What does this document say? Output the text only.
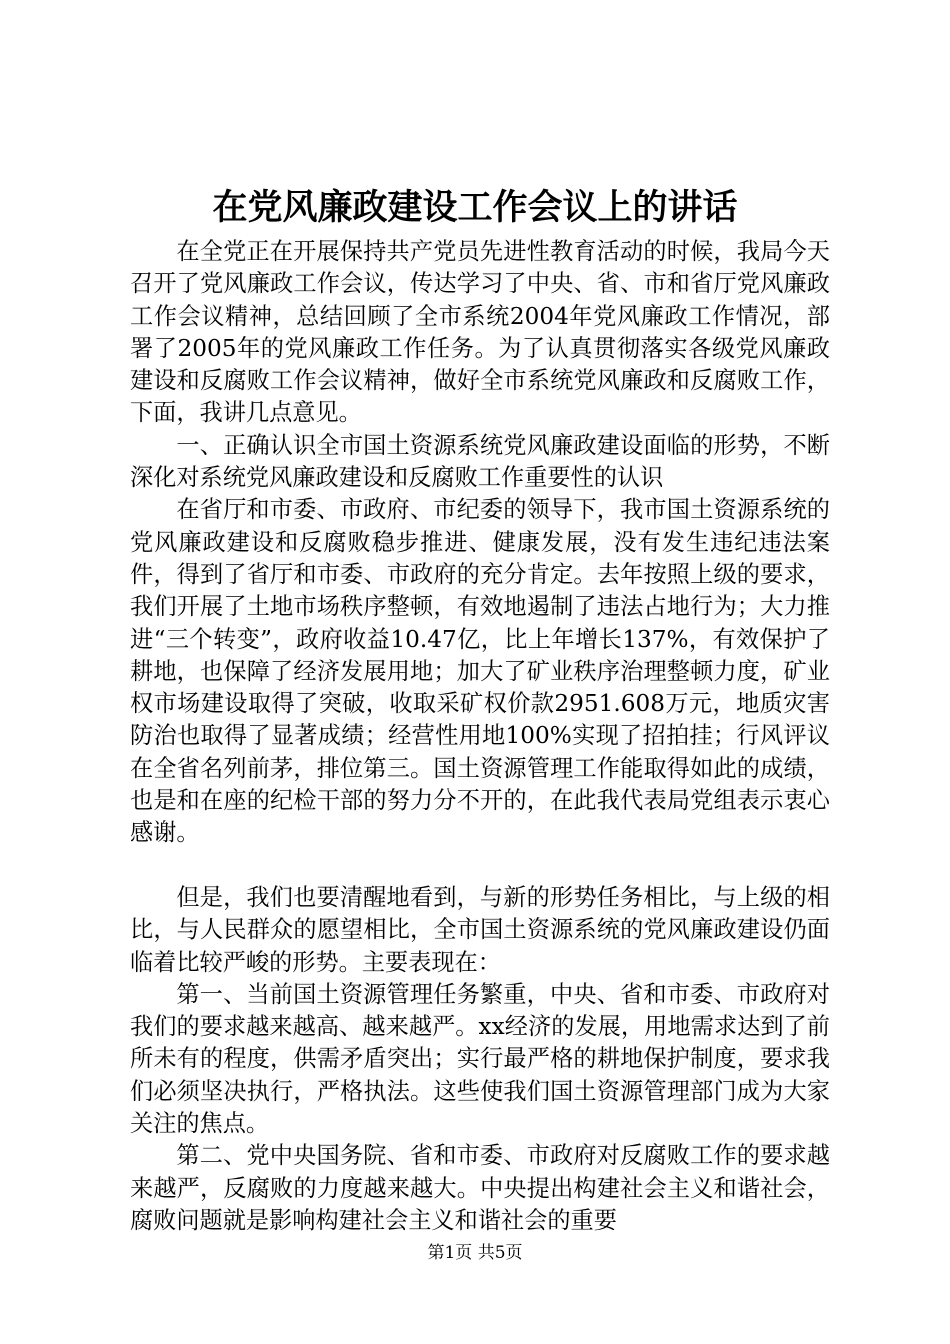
在党风廉政建设工作会议上的讲话

在全党正在开展保持共产党员先进性教育活动的时候，我局今天召开了党风廉政工作会议，传达学习了中央、省、市和省厅党风廉政工作会议精神，总结回顾了全市系统2004年党风廉政工作情况，部署了2005年的党风廉政工作任务。为了认真贯彻落实各级党风廉政建设和反腐败工作会议精神，做好全市系统党风廉政和反腐败工作，下面，我讲几点意见。

一、正确认识全市国土资源系统党风廉政建设面临的形势，不断深化对系统党风廉政建设和反腐败工作重要性的认识

在省厅和市委、市政府、市纪委的领导下，我市国土资源系统的党风廉政建设和反腐败稳步推进、健康发展，没有发生违纪违法案件，得到了省厅和市委、市政府的充分肯定。去年按照上级的要求，我们开展了土地市场秩序整顿，有效地遏制了违法占地行为；大力推进“三个转变”，政府收益10.47亿，比上年增长137%，有效保护了耕地，也保障了经济发展用地；加大了矿业秩序治理整顿力度，矿业权市场建设取得了突破，收取采矿权价款2951.608万元，地质灾害防治也取得了显著成绩；经营性用地100%实现了招拍挂；行风评议在全省名列前茅，排位第三。国土资源管理工作能取得如此的成绩，也是和在座的纪检干部的努力分不开的，在此我代表局党组表示衷心感谢。

但是，我们也要清醒地看到，与新的形势任务相比，与上级的相比，与人民群众的愿望相比，全市国土资源系统的党风廉政建设仍面临着比较严峻的形势。主要表现在：

第一、当前国土资源管理任务繁重，中央、省和市委、市政府对我们的要求越来越高、越来越严。xx经济的发展，用地需求达到了前所未有的程度，供需矛盾突出；实行最严格的耕地保护制度，要求我们必须坚决执行，严格执法。这些使我们国土资源管理部门成为大家关注的焦点。

第二、党中央国务院、省和市委、市政府对反腐败工作的要求越来越严，反腐败的力度越来越大。中央提出构建社会主义和谐社会，腐败问题就是影响构建社会主义和谐社会的重要

第1页 共5页
